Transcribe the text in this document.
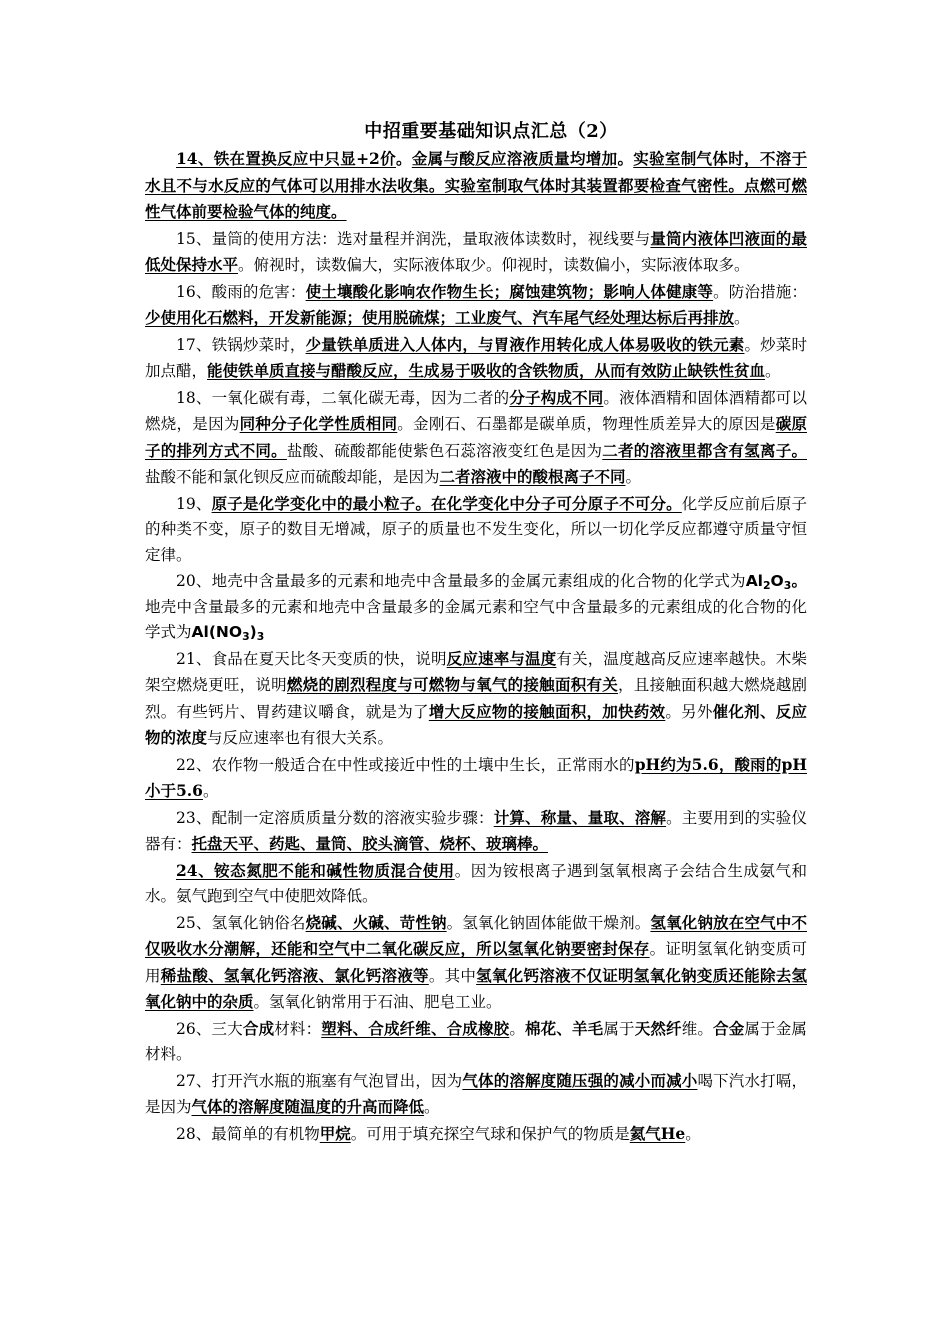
中招重要基础知识点汇总（2）

14、铁在置换反应中只显+2价。金属与酸反应溶液质量均增加。实验室制气体时，不溶于水且不与水反应的气体可以用排水法收集。实验室制取气体时其装置都要检查气密性。点燃可燃性气体前要检验气体的纯度。

15、量筒的使用方法：选对量程并润洗，量取液体读数时，视线要与量筒内液体凹液面的最低处保持水平。俯视时，读数偏大，实际液体取少。仰视时，读数偏小，实际液体取多。

16、酸雨的危害：使土壤酸化影响农作物生长；腐蚀建筑物；影响人体健康等。防治措施：少使用化石燃料，开发新能源；使用脱硫煤；工业废气、汽车尾气经处理达标后再排放。

17、铁锅炒菜时，少量铁单质进入人体内，与胃液作用转化成人体易吸收的铁元素。炒菜时加点醋，能使铁单质直接与醋酸反应，生成易于吸收的含铁物质，从而有效防止缺铁性贫血。

18、一氧化碳有毒，二氧化碳无毒，因为二者的分子构成不同。液体酒精和固体酒精都可以燃烧，是因为同种分子化学性质相同。金刚石、石墨都是碳单质，物理性质差异大的原因是碳原子的排列方式不同。盐酸、硫酸都能使紫色石蕊溶液变红色是因为二者的溶液里都含有氢离子。盐酸不能和氯化钡反应而硫酸却能，是因为二者溶液中的酸根离子不同。

19、原子是化学变化中的最小粒子。在化学变化中分子可分原子不可分。化学反应前后原子的种类不变，原子的数目无增减，原子的质量也不发生变化，所以一切化学反应都遵守质量守恒定律。

20、地壳中含量最多的元素和地壳中含量最多的金属元素组成的化合物的化学式为$Al_2O_3$。地壳中含量最多的元素和地壳中含量最多的金属元素和空气中含量最多的元素组成的化合物的化学式为$Al(NO_3)_3$

21、食品在夏天比冬天变质的快，说明反应速率与温度有关，温度越高反应速率越快。木柴架空燃烧更旺，说明燃烧的剧烈程度与可燃物与氧气的接触面积有关，且接触面积越大燃烧越剧烈。有些钙片、胃药建议嚼食，就是为了增大反应物的接触面积，加快药效。另外催化剂、反应物的浓度与反应速率也有很大关系。

22、农作物一般适合在中性或接近中性的土壤中生长，正常雨水的pH约为5.6，酸雨的pH小于5.6。

23、配制一定溶质质量分数的溶液实验步骤：计算、称量、量取、溶解。主要用到的实验仪器有：托盘天平、药匙、量筒、胶头滴管、烧杯、玻璃棒。

24、铵态氮肥不能和碱性物质混合使用。因为铵根离子遇到氢氧根离子会结合生成氨气和水。氨气跑到空气中使肥效降低。

25、氢氧化钠俗名烧碱、火碱、苛性钠。氢氧化钠固体能做干燥剂。氢氧化钠放在空气中不仅吸收水分潮解，还能和空气中二氧化碳反应，所以氢氧化钠要密封保存。证明氢氧化钠变质可用稀盐酸、氢氧化钙溶液、氯化钙溶液等。其中氢氧化钙溶液不仅证明氢氧化钠变质还能除去氢氧化钠中的杂质。氢氧化钠常用于石油、肥皂工业。

26、三大合成材料：塑料、合成纤维、合成橡胶。棉花、羊毛属于天然纤维。合金属于金属材料。

27、打开汽水瓶的瓶塞有气泡冒出，因为气体的溶解度随压强的减小而减小喝下汽水打嗝，是因为气体的溶解度随温度的升高而降低。

28、最简单的有机物甲烷。可用于填充探空气球和保护气的物质是氦气He。
